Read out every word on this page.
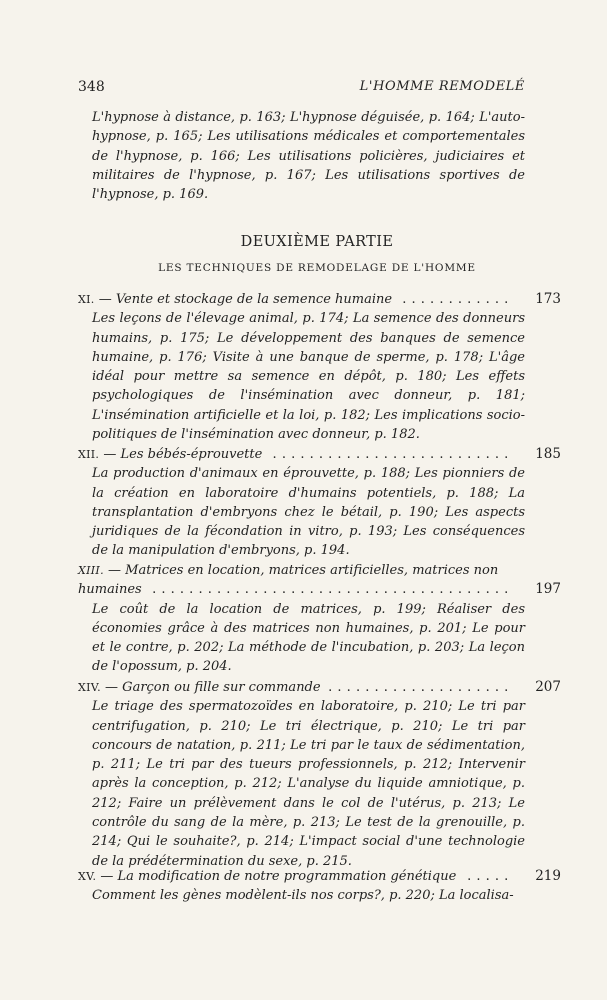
348	L'HOMME REMODELÉ
L'hypnose à distance, p. 163; L'hypnose déguisée, p. 164; L'auto-hypnose, p. 165; Les utilisations médicales et comportementales de l'hypnose, p. 166; Les utilisations policières, judiciaires et militaires de l'hypnose, p. 167; Les utilisations sportives de l'hypnose, p. 169.
DEUXIÈME PARTIE
LES TECHNIQUES DE REMODELAGE DE L'HOMME
XI. — Vente et stockage de la semence humaine . . .	173
Les leçons de l'élevage animal, p. 174; La semence des donneurs humains, p. 175; Le développement des banques de semence humaine, p. 176; Visite à une banque de sperme, p. 178; L'âge idéal pour mettre sa semence en dépôt, p. 180; Les effets psychologiques de l'insémination avec donneur, p. 181; L'insémination artificielle et la loi, p. 182; Les implications socio-politiques de l'insémination avec donneur, p. 182.
XII. — Les bébés-éprouvette . . .	185
La production d'animaux en éprouvette, p. 188; Les pionniers de la création en laboratoire d'humains potentiels, p. 188; La transplantation d'embryons chez le bétail, p. 190; Les aspects juridiques de la fécondation in vitro, p. 193; Les conséquences de la manipulation d'embryons, p. 194.
XIII. — Matrices en location, matrices artificielles, matrices non
humaines . . .	197
Le coût de la location de matrices, p. 199; Réaliser des économies grâce à des matrices non humaines, p. 201; Le pour et le contre, p. 202; La méthode de l'incubation, p. 203; La leçon de l'opossum, p. 204.
XIV. — Garçon ou fille sur commande . . .	207
Le triage des spermatozoïdes en laboratoire, p. 210; Le tri par centrifugation, p. 210; Le tri électrique, p. 210; Le tri par concours de natation, p. 211; Le tri par le taux de sédimentation, p. 211; Le tri par des tueurs professionnels, p. 212; Intervenir après la conception, p. 212; L'analyse du liquide amniotique, p. 212; Faire un prélèvement dans le col de l'utérus, p. 213; Le contrôle du sang de la mère, p. 213; Le test de la grenouille, p. 214; Qui le souhaite?, p. 214; L'impact social d'une technologie de la prédétermination du sexe, p. 215.
XV. — La modification de notre programmation génétique . . .	219
Comment les gènes modèlent-ils nos corps?, p. 220; La localisa-
